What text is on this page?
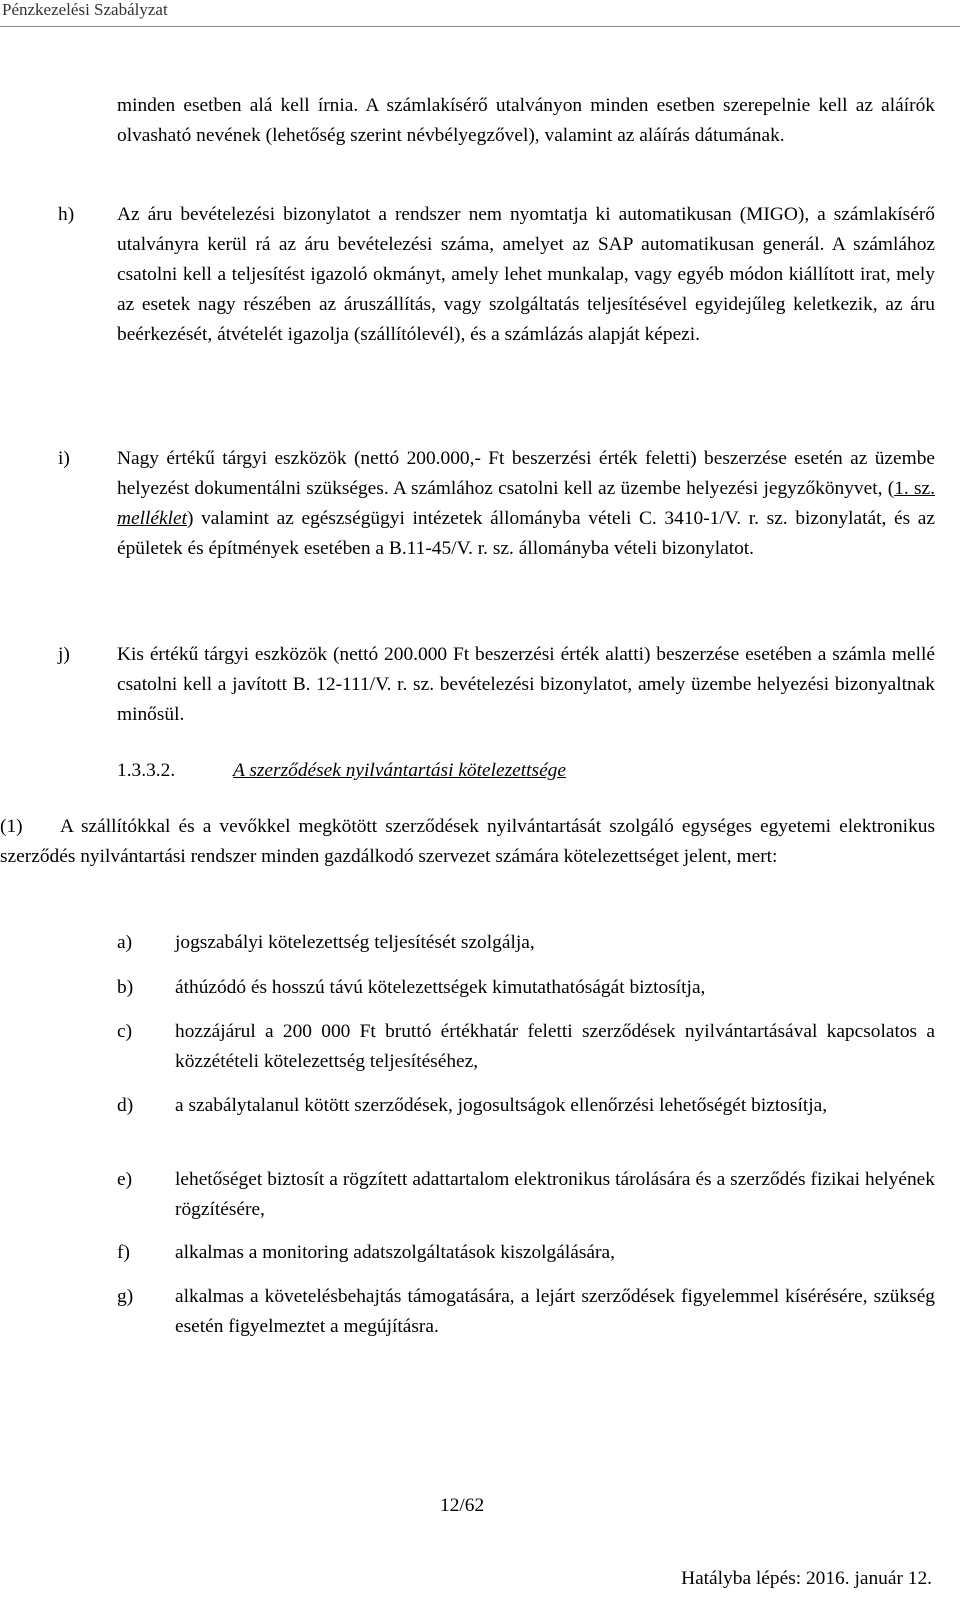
Pénzkezelési Szabályzat
minden esetben alá kell írnia. A számlakísérő utalványon minden esetben szerepelnie kell az aláírók olvasható nevének (lehetőség szerint névbélyegzővel), valamint az aláírás dátumának.
h) Az áru bevételezési bizonylatot a rendszer nem nyomtatja ki automatikusan (MIGO), a számlakísérő utalványra kerül rá az áru bevételezési száma, amelyet az SAP automatikusan generál. A számlához csatolni kell a teljesítést igazoló okmányt, amely lehet munkalap, vagy egyéb módon kiállított irat, mely az esetek nagy részében az áruszállítás, vagy szolgáltatás teljesítésével egyidejűleg keletkezik, az áru beérkezését, átvételét igazolja (szállítólevél), és a számlázás alapját képezi.
i) Nagy értékű tárgyi eszközök (nettó 200.000,- Ft beszerzési érték feletti) beszerzése esetén az üzembe helyezést dokumentálni szükséges. A számlához csatolni kell az üzembe helyezési jegyzőkönyvet, (1. sz. melléklet) valamint az egészségügyi intézetek állományba vételi C. 3410-1/V. r. sz. bizonylatát, és az épületek és építmények esetében a B.11-45/V. r. sz. állományba vételi bizonylatot.
j) Kis értékű tárgyi eszközök (nettó 200.000 Ft beszerzési érték alatti) beszerzése esetében a számla mellé csatolni kell a javított B. 12-111/V. r. sz. bevételezési bizonylatot, amely üzembe helyezési bizonyaltnak minősül.
1.3.3.2.	A szerződések nyilvántartási kötelezettsége
(1) A szállítókkal és a vevőkkel megkötött szerződések nyilvántartását szolgáló egységes egyetemi elektronikus szerződés nyilvántartási rendszer minden gazdálkodó szervezet számára kötelezettséget jelent, mert:
a) jogszabályi kötelezettség teljesítését szolgálja,
b) áthúzódó és hosszú távú kötelezettségek kimutathatóságát biztosítja,
c) hozzájárul a 200 000 Ft bruttó értékhatár feletti szerződések nyilvántartásával kapcsolatos a közzétételi kötelezettség teljesítéséhez,
d) a szabálytalanul kötött szerződések, jogosultságok ellenőrzési lehetőségét biztosítja,
e) lehetőséget biztosít a rögzített adattartalom elektronikus tárolására és a szerződés fizikai helyének rögzítésére,
f) alkalmas a monitoring adatszolgáltatások kiszolgálására,
g) alkalmas a követelésbehajtás támogatására, a lejárt szerződések figyelemmel kísérésére, szükség esetén figyelmeztet a megújításra.
12/62
Hatályba lépés: 2016. január 12.
